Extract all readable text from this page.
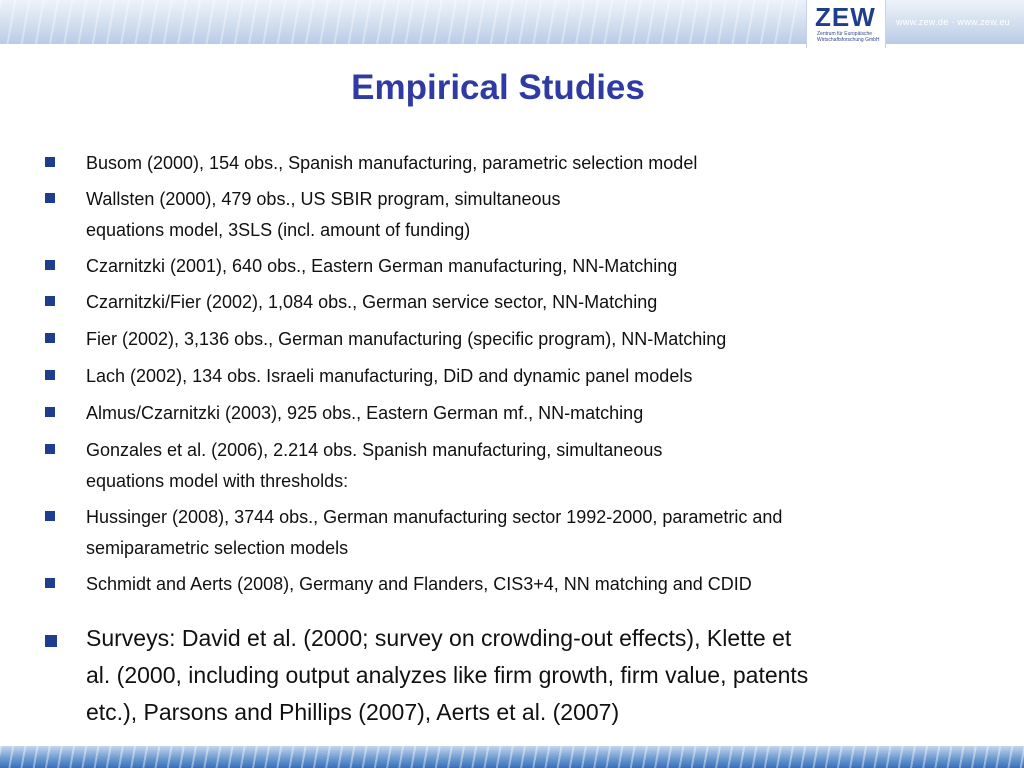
ZEW
Zentrum für Europäische Wirtschaftsforschung GmbH
www.zew.de · www.zew.eu
Empirical Studies
Busom (2000), 154 obs., Spanish manufacturing, parametric selection model
Wallsten (2000), 479 obs., US SBIR program, simultaneous
equations model, 3SLS (incl. amount of funding)
Czarnitzki (2001), 640 obs., Eastern German manufacturing, NN-Matching
Czarnitzki/Fier (2002), 1,084 obs., German service sector, NN-Matching
Fier (2002), 3,136 obs., German manufacturing (specific program), NN-Matching
Lach (2002), 134 obs. Israeli manufacturing, DiD and dynamic panel models
Almus/Czarnitzki (2003), 925 obs., Eastern German mf., NN-matching
Gonzales et al. (2006), 2.214 obs. Spanish manufacturing, simultaneous
equations model with thresholds:
Hussinger (2008), 3744 obs., German manufacturing sector 1992-2000, parametric and
semiparametric selection models
Schmidt and Aerts (2008), Germany and Flanders, CIS3+4, NN matching and CDID
Surveys: David et al. (2000; survey on crowding-out effects), Klette et
al. (2000, including output analyzes like firm growth, firm value, patents
etc.), Parsons and Phillips (2007), Aerts et al. (2007)
